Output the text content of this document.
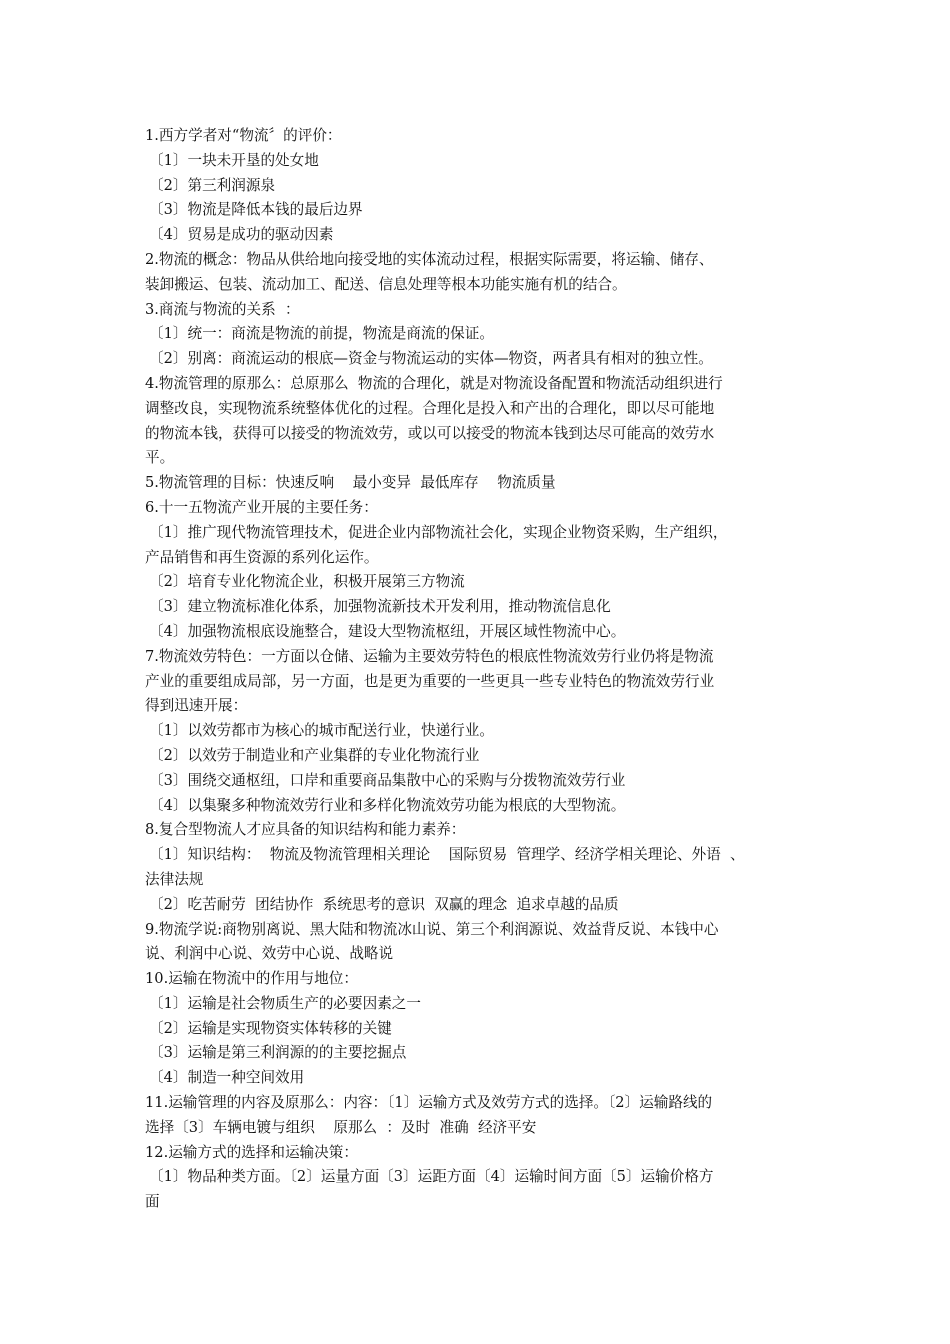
1.西方学者对“物流〞的评价：
〔1〕一块未开垦的处女地
〔2〕第三利润源泉
〔3〕物流是降低本钱的最后边界
〔4〕贸易是成功的驱动因素
2.物流的概念：物品从供给地向接受地的实体流动过程，根据实际需要，将运输、储存、
装卸搬运、包装、流动加工、配送、信息处理等根本功能实施有机的结合。
3.商流与物流的关系  ：
〔1〕统一：商流是物流的前提，物流是商流的保证。
〔2〕别离：商流运动的根底—资金与物流运动的实体—物资，两者具有相对的独立性。
4.物流管理的原那么：总原那么  物流的合理化，就是对物流设备配置和物流活动组织进行
调整改良，实现物流系统整体优化的过程。合理化是投入和产出的合理化，即以尽可能地
的物流本钱，获得可以接受的物流效劳，或以可以接受的物流本钱到达尽可能高的效劳水
平。
5.物流管理的目标：快速反响    最小变异  最低库存    物流质量
6.十一五物流产业开展的主要任务：
〔1〕推广现代物流管理技术，促进企业内部物流社会化，实现企业物资采购，生产组织，
产品销售和再生资源的系列化运作。
〔2〕培育专业化物流企业，积极开展第三方物流
〔3〕建立物流标准化体系，加强物流新技术开发利用，推动物流信息化
〔4〕加强物流根底设施整合，建设大型物流枢纽，开展区域性物流中心。
7.物流效劳特色：一方面以仓储、运输为主要效劳特色的根底性物流效劳行业仍将是物流
产业的重要组成局部，另一方面，也是更为重要的一些更具一些专业特色的物流效劳行业
得到迅速开展：
〔1〕以效劳都市为核心的城市配送行业，快递行业。
〔2〕以效劳于制造业和产业集群的专业化物流行业
〔3〕围绕交通枢纽，口岸和重要商品集散中心的采购与分拨物流效劳行业
〔4〕以集聚多种物流效劳行业和多样化物流效劳功能为根底的大型物流。
8.复合型物流人才应具备的知识结构和能力素养：
〔1〕知识结构：  物流及物流管理相关理论    国际贸易  管理学、经济学相关理论、外语  、
法律法规
〔2〕吃苦耐劳  团结协作  系统思考的意识  双赢的理念  追求卓越的品质
9.物流学说:商物别离说、黑大陆和物流冰山说、第三个利润源说、效益背反说、本钱中心
说、利润中心说、效劳中心说、战略说
10.运输在物流中的作用与地位：
〔1〕运输是社会物质生产的必要因素之一
〔2〕运输是实现物资实体转移的关键
〔3〕运输是第三利润源的的主要挖掘点
〔4〕制造一种空间效用
11.运输管理的内容及原那么：内容：〔1〕运输方式及效劳方式的选择。〔2〕运输路线的
选择〔3〕车辆电镀与组织    原那么  ：及时  准确  经济平安
12.运输方式的选择和运输决策：
〔1〕物品种类方面。〔2〕运量方面〔3〕运距方面〔4〕运输时间方面〔5〕运输价格方
面
